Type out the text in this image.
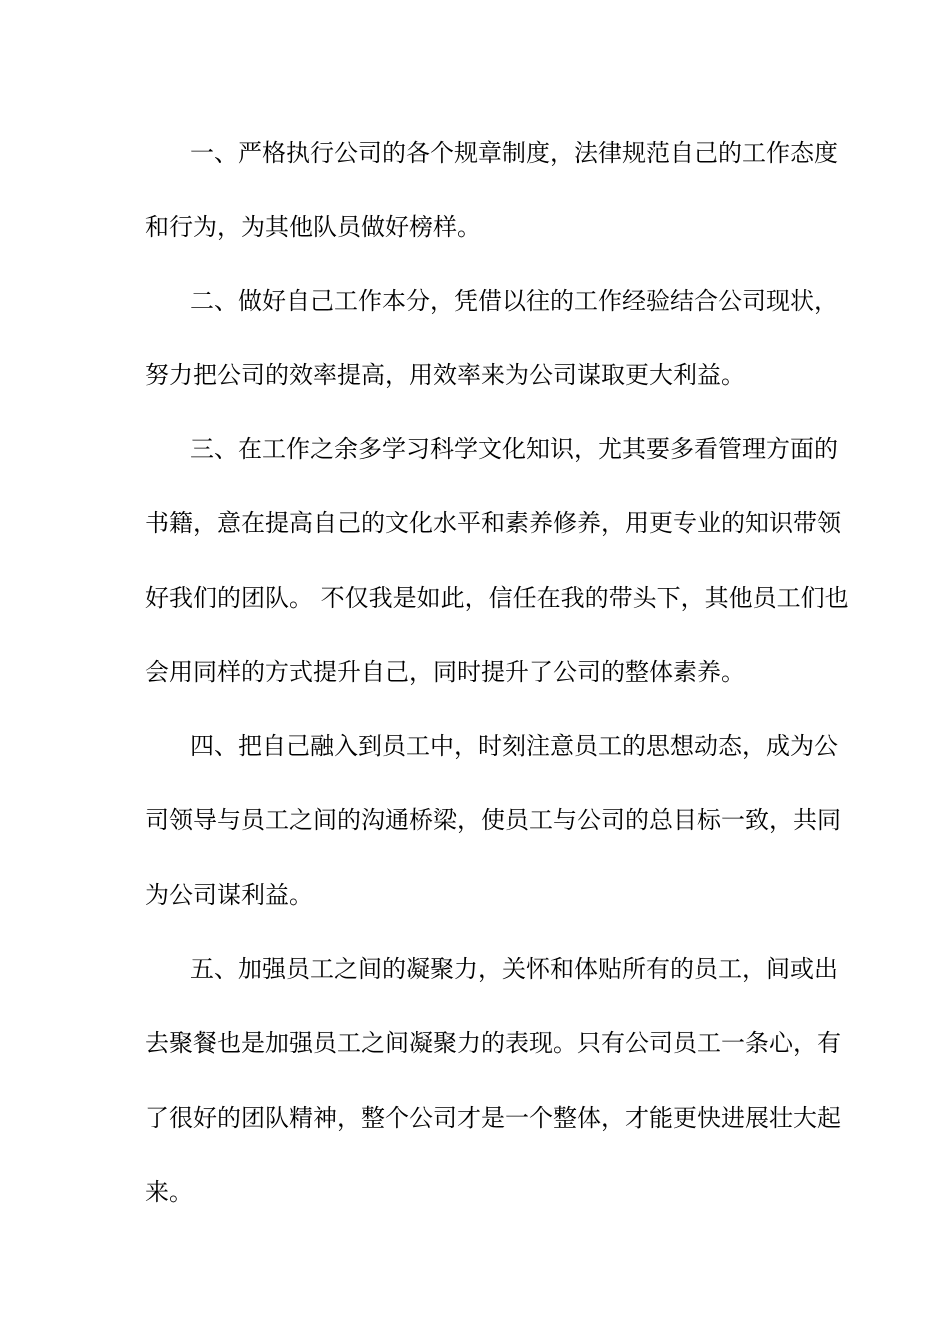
一、严格执行公司的各个规章制度，法律规范自己的工作态度
和行为，为其他队员做好榜样。
二、做好自己工作本分，凭借以往的工作经验结合公司现状，
努力把公司的效率提高，用效率来为公司谋取更大利益。
三、在工作之余多学习科学文化知识，尤其要多看管理方面的
书籍，意在提高自己的文化水平和素养修养，用更专业的知识带领
好我们的团队。 不仅我是如此，信任在我的带头下，其他员工们也
会用同样的方式提升自己，同时提升了公司的整体素养。
四、把自己融入到员工中，时刻注意员工的思想动态，成为公
司领导与员工之间的沟通桥梁，使员工与公司的总目标一致，共同
为公司谋利益。
五、加强员工之间的凝聚力，关怀和体贴所有的员工，间或出
去聚餐也是加强员工之间凝聚力的表现。只有公司员工一条心，有
了很好的团队精神，整个公司才是一个整体，才能更快进展壮大起
来。
